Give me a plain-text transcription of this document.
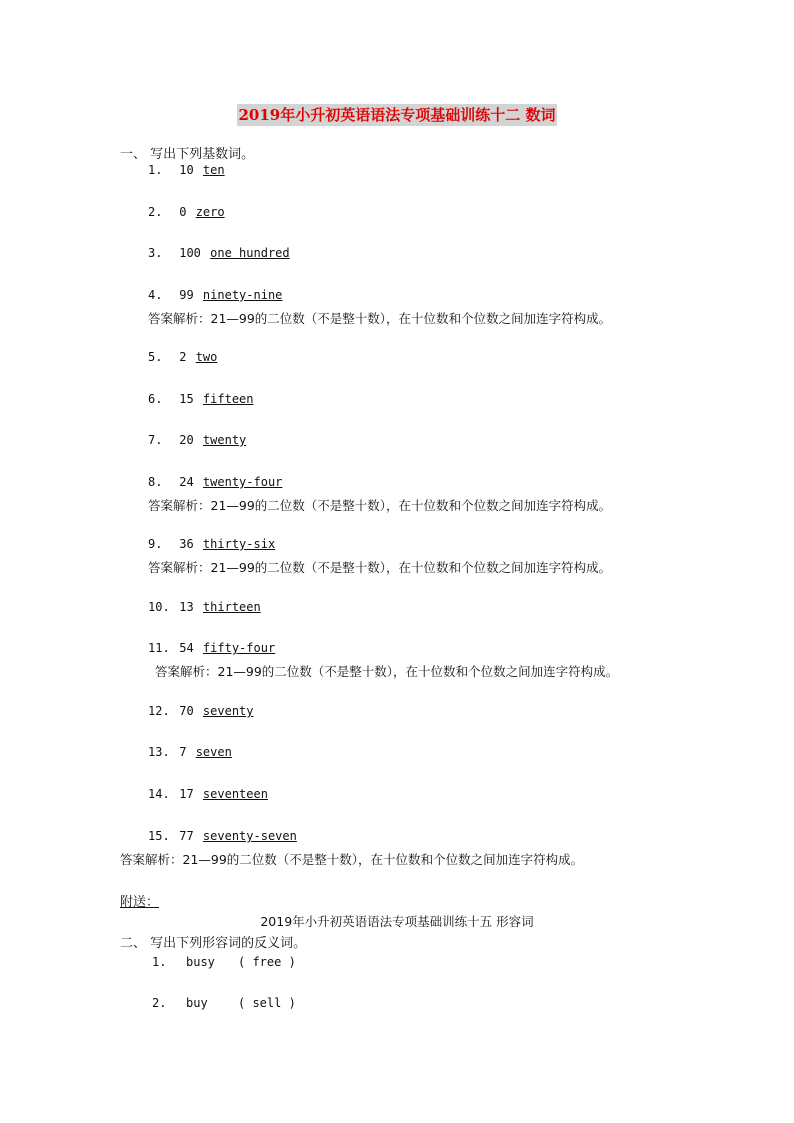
2019年小升初英语语法专项基础训练十二 数词
一、 写出下列基数词。
1. 10 ten
2. 0 zero
3. 100 one hundred
4. 99 ninety-nine
答案解析：21—99的二位数（不是整十数），在十位数和个位数之间加连字符构成。
5. 2 two
6. 15 fifteen
7. 20 twenty
8. 24 twenty-four
答案解析：21—99的二位数（不是整十数），在十位数和个位数之间加连字符构成。
9. 36 thirty-six
答案解析：21—99的二位数（不是整十数），在十位数和个位数之间加连字符构成。
10. 13 thirteen
11. 54 fifty-four
答案解析：21—99的二位数（不是整十数），在十位数和个位数之间加连字符构成。
12. 70 seventy
13. 7 seven
14. 17 seventeen
15. 77 seventy-seven
答案解析：21—99的二位数（不是整十数），在十位数和个位数之间加连字符构成。
附送：
2019年小升初英语语法专项基础训练十五 形容词
二、 写出下列形容词的反义词。
1. busy ( free )
2. buy	( sell )
